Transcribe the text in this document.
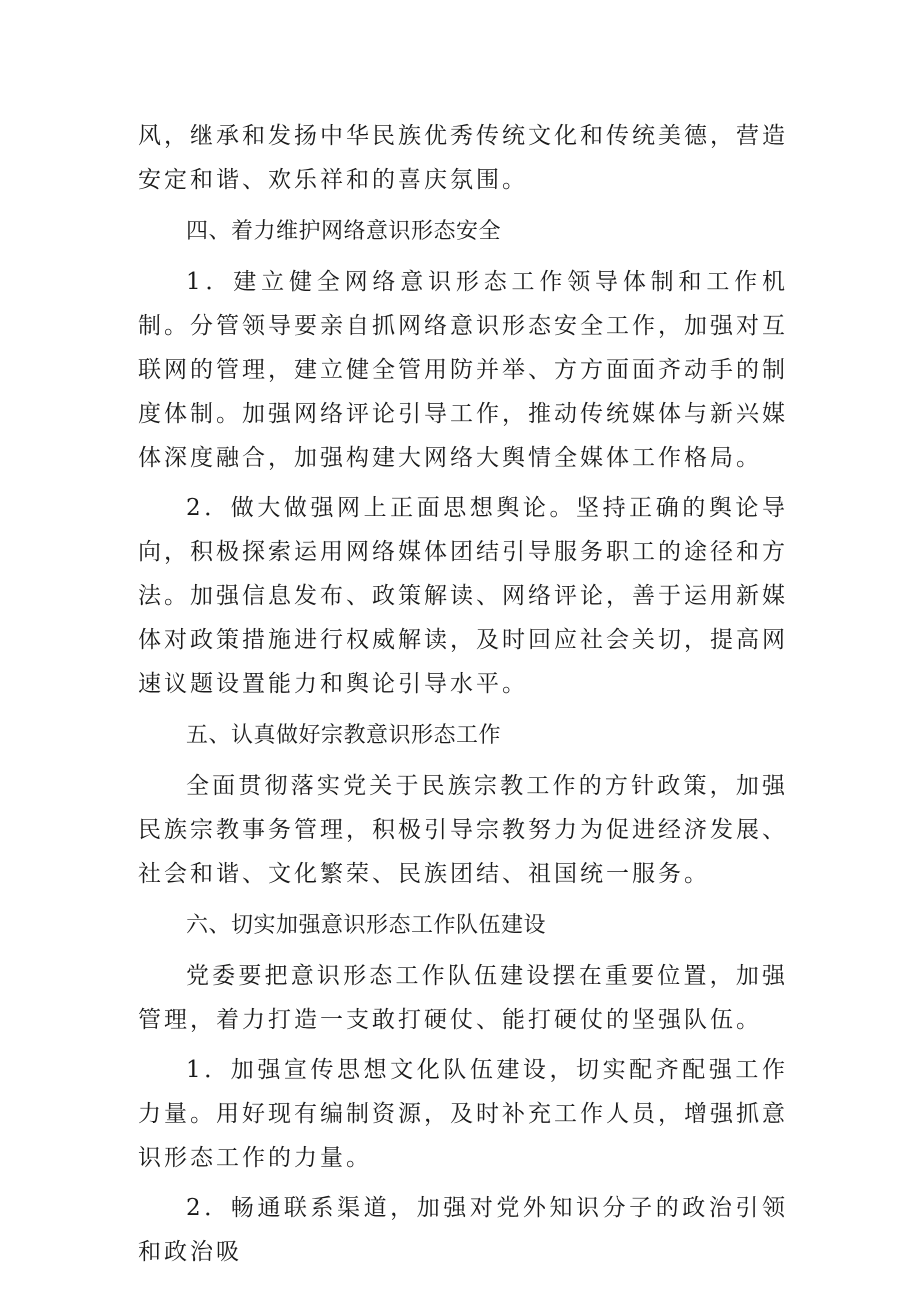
风，继承和发扬中华民族优秀传统文化和传统美德，营造安定和谐、欢乐祥和的喜庆氛围。

四、着力维护网络意识形态安全

1．建立健全网络意识形态工作领导体制和工作机制。分管领导要亲自抓网络意识形态安全工作，加强对互联网的管理，建立健全管用防并举、方方面面齐动手的制度体制。加强网络评论引导工作，推动传统媒体与新兴媒体深度融合，加强构建大网络大舆情全媒体工作格局。

2．做大做强网上正面思想舆论。坚持正确的舆论导向，积极探索运用网络媒体团结引导服务职工的途径和方法。加强信息发布、政策解读、网络评论，善于运用新媒体对政策措施进行权威解读，及时回应社会关切，提高网速议题设置能力和舆论引导水平。

五、认真做好宗教意识形态工作

全面贯彻落实党关于民族宗教工作的方针政策，加强民族宗教事务管理，积极引导宗教努力为促进经济发展、社会和谐、文化繁荣、民族团结、祖国统一服务。

六、切实加强意识形态工作队伍建设

党委要把意识形态工作队伍建设摆在重要位置，加强管理，着力打造一支敢打硬仗、能打硬仗的坚强队伍。

1．加强宣传思想文化队伍建设，切实配齐配强工作力量。用好现有编制资源，及时补充工作人员，增强抓意识形态工作的力量。

2．畅通联系渠道，加强对党外知识分子的政治引领和政治吸
